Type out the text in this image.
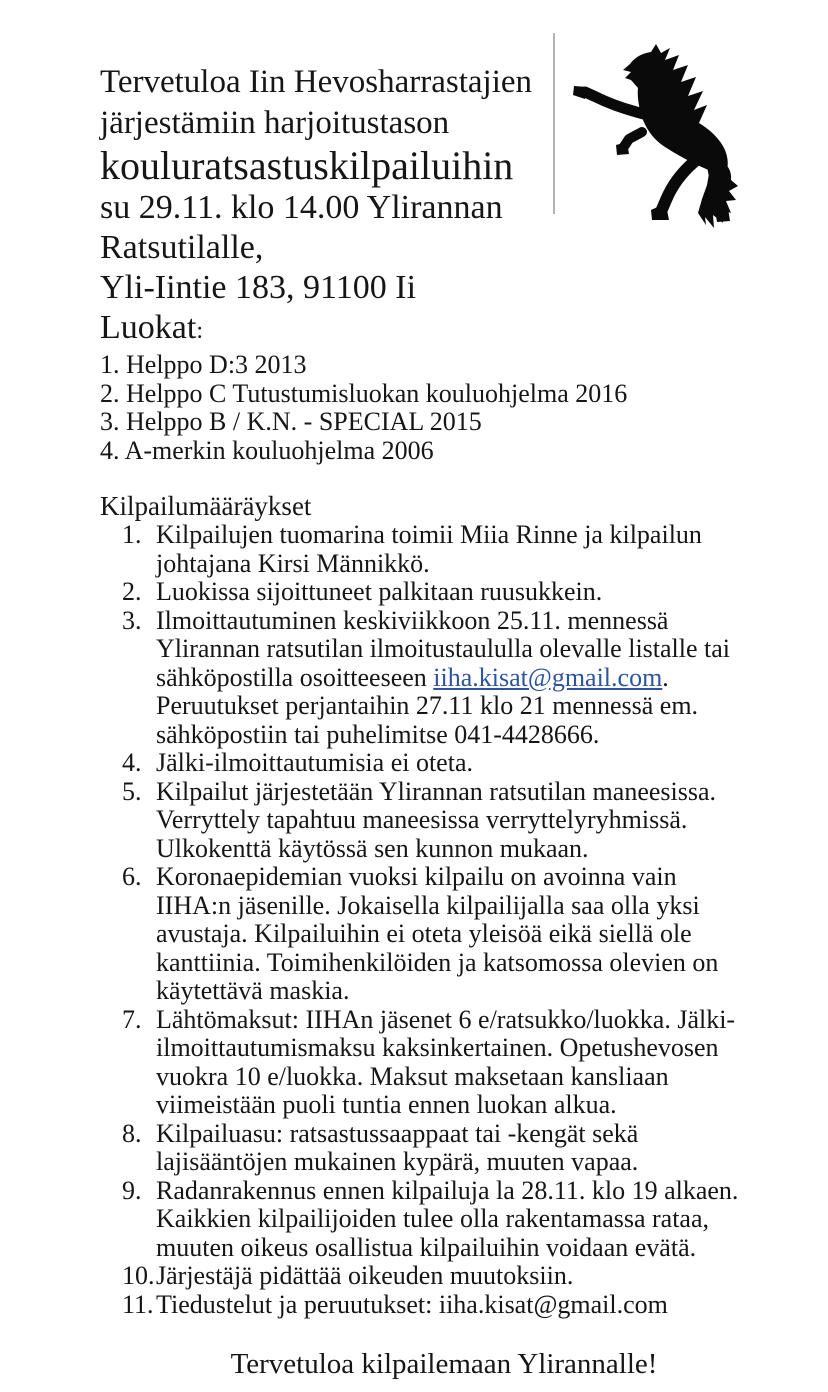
Tervetuloa Iin Hevosharrastajien
järjestämiin harjoitustason
kouluratsastuskilpailuihin
su 29.11. klo 14.00 Ylirannan
Ratsutilalle,
Yli-Iintie 183, 91100 Ii
Luokat:
1. Helppo D:3 2013
2. Helppo C Tutustumisluokan kouluohjelma 2016
3. Helppo B / K.N. - SPECIAL 2015
4. A-merkin kouluohjelma 2006
Kilpailumääräykset
1. Kilpailujen tuomarina toimii Miia Rinne ja kilpailun johtajana Kirsi Männikkö.
2. Luokissa sijoittuneet palkitaan ruusukkein.
3. Ilmoittautuminen keskiviikkoon 25.11. mennessä Ylirannan ratsutilan ilmoitustaululla olevalle listalle tai sähköpostilla osoitteeseen iiha.kisat@gmail.com. Peruutukset perjantaihin 27.11 klo 21 mennessä em. sähköpostiin tai puhelimitse 041-4428666.
4. Jälki-ilmoittautumisia ei oteta.
5. Kilpailut järjestetään Ylirannan ratsutilan maneesissa. Verryttely tapahtuu maneesissa verryttelyryhmissä. Ulkokenttä käytössä sen kunnon mukaan.
6. Koronaepidemian vuoksi kilpailu on avoinna vain IIHA:n jäsenille. Jokaisella kilpailijalla saa olla yksi avustaja. Kilpailuihin ei oteta yleisöä eikä siellä ole kanttiinia. Toimihenkilöiden ja katsomossa olevien on käytettävä maskia.
7. Lähtömaksut: IIHAn jäsenet 6 e/ratsukko/luokka. Jälki-ilmoittautumismaksu kaksinkertainen. Opetushevosen vuokra 10 e/luokka. Maksut maksetaan kansliaan viimeistään puoli tuntia ennen luokan alkua.
8. Kilpailuasu: ratsastussaappaat tai -kengät sekä lajisääntöjen mukainen kypärä, muuten vapaa.
9. Radanrakennus ennen kilpailuja la 28.11. klo 19 alkaen. Kaikkien kilpailijoiden tulee olla rakentamassa rataa, muuten oikeus osallistua kilpailuihin voidaan evätä.
10. Järjestäjä pidättää oikeuden muutoksiin.
11. Tiedustelut ja peruutukset: iiha.kisat@gmail.com
Tervetuloa kilpailemaan Ylirannalle!
